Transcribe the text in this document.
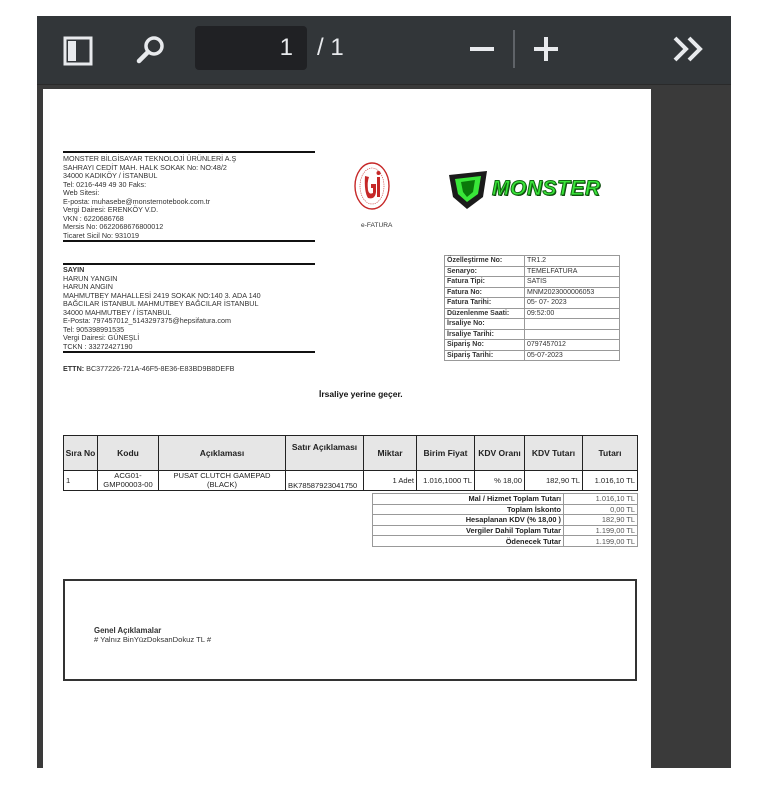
1	/ 1
MONSTER BİLGİSAYAR TEKNOLOJİ ÜRÜNLERİ A.Ş
SAHRAYI CEDİT MAH. HALK SOKAK No: NO:48/2
34000 KADIKÖY / İSTANBUL
Tel: 0216-449 49 30 Faks:
Web Sitesi:
E-posta: muhasebe@monsternotebook.com.tr
Vergi Dairesi: ERENKÖY V.D.
VKN : 6220686768
Mersis No: 0622068676800012
Ticaret Sicil No: 931019
e-FATURA
MONSTER
SAYIN
HARUN YANGIN
HARUN ANGIN
MAHMUTBEY MAHALLESİ 2419 SOKAK NO:140 3. ADA 140
BAĞCILAR İSTANBUL MAHMUTBEY BAĞCILAR İSTANBUL
34000 MAHMUTBEY / İSTANBUL
E-Posta: 797457012_5143297375@hepsifatura.com
Tel: 905398991535
Vergi Dairesi: GÜNEŞLİ
TCKN : 33272427190
Özelleştirme No:	TR1.2
Senaryo:	TEMELFATURA
Fatura Tipi:	SATIS
Fatura No:	MNM2023000006053
Fatura Tarihi:	05- 07- 2023
Düzenlenme Saati:	09:52:00
İrsaliye No:	
İrsaliye Tarihi:	
Sipariş No:	0797457012
Sipariş Tarihi:	05-07-2023
ETTN: BC377226-721A-46F5-8E36-E83BD9B8DEFB
İrsaliye yerine geçer.
Sıra No	Kodu	Açıklaması	Satır Açıklaması	Miktar	Birim Fiyat	KDV Oranı	KDV Tutarı	Tutarı
1	ACG01-GMP00003-00	PUSAT CLUTCH GAMEPAD (BLACK)	BK78587923041750	1 Adet	1.016,1000 TL	% 18,00	182,90 TL	1.016,10 TL
Mal / Hizmet Toplam Tutarı	1.016,10 TL
Toplam İskonto	0,00 TL
Hesaplanan KDV (% 18,00 )	182,90 TL
Vergiler Dahil Toplam Tutar	1.199,00 TL
Ödenecek Tutar	1.199,00 TL
Genel Açıklamalar
# Yalnız BinYüzDoksanDokuz TL #
